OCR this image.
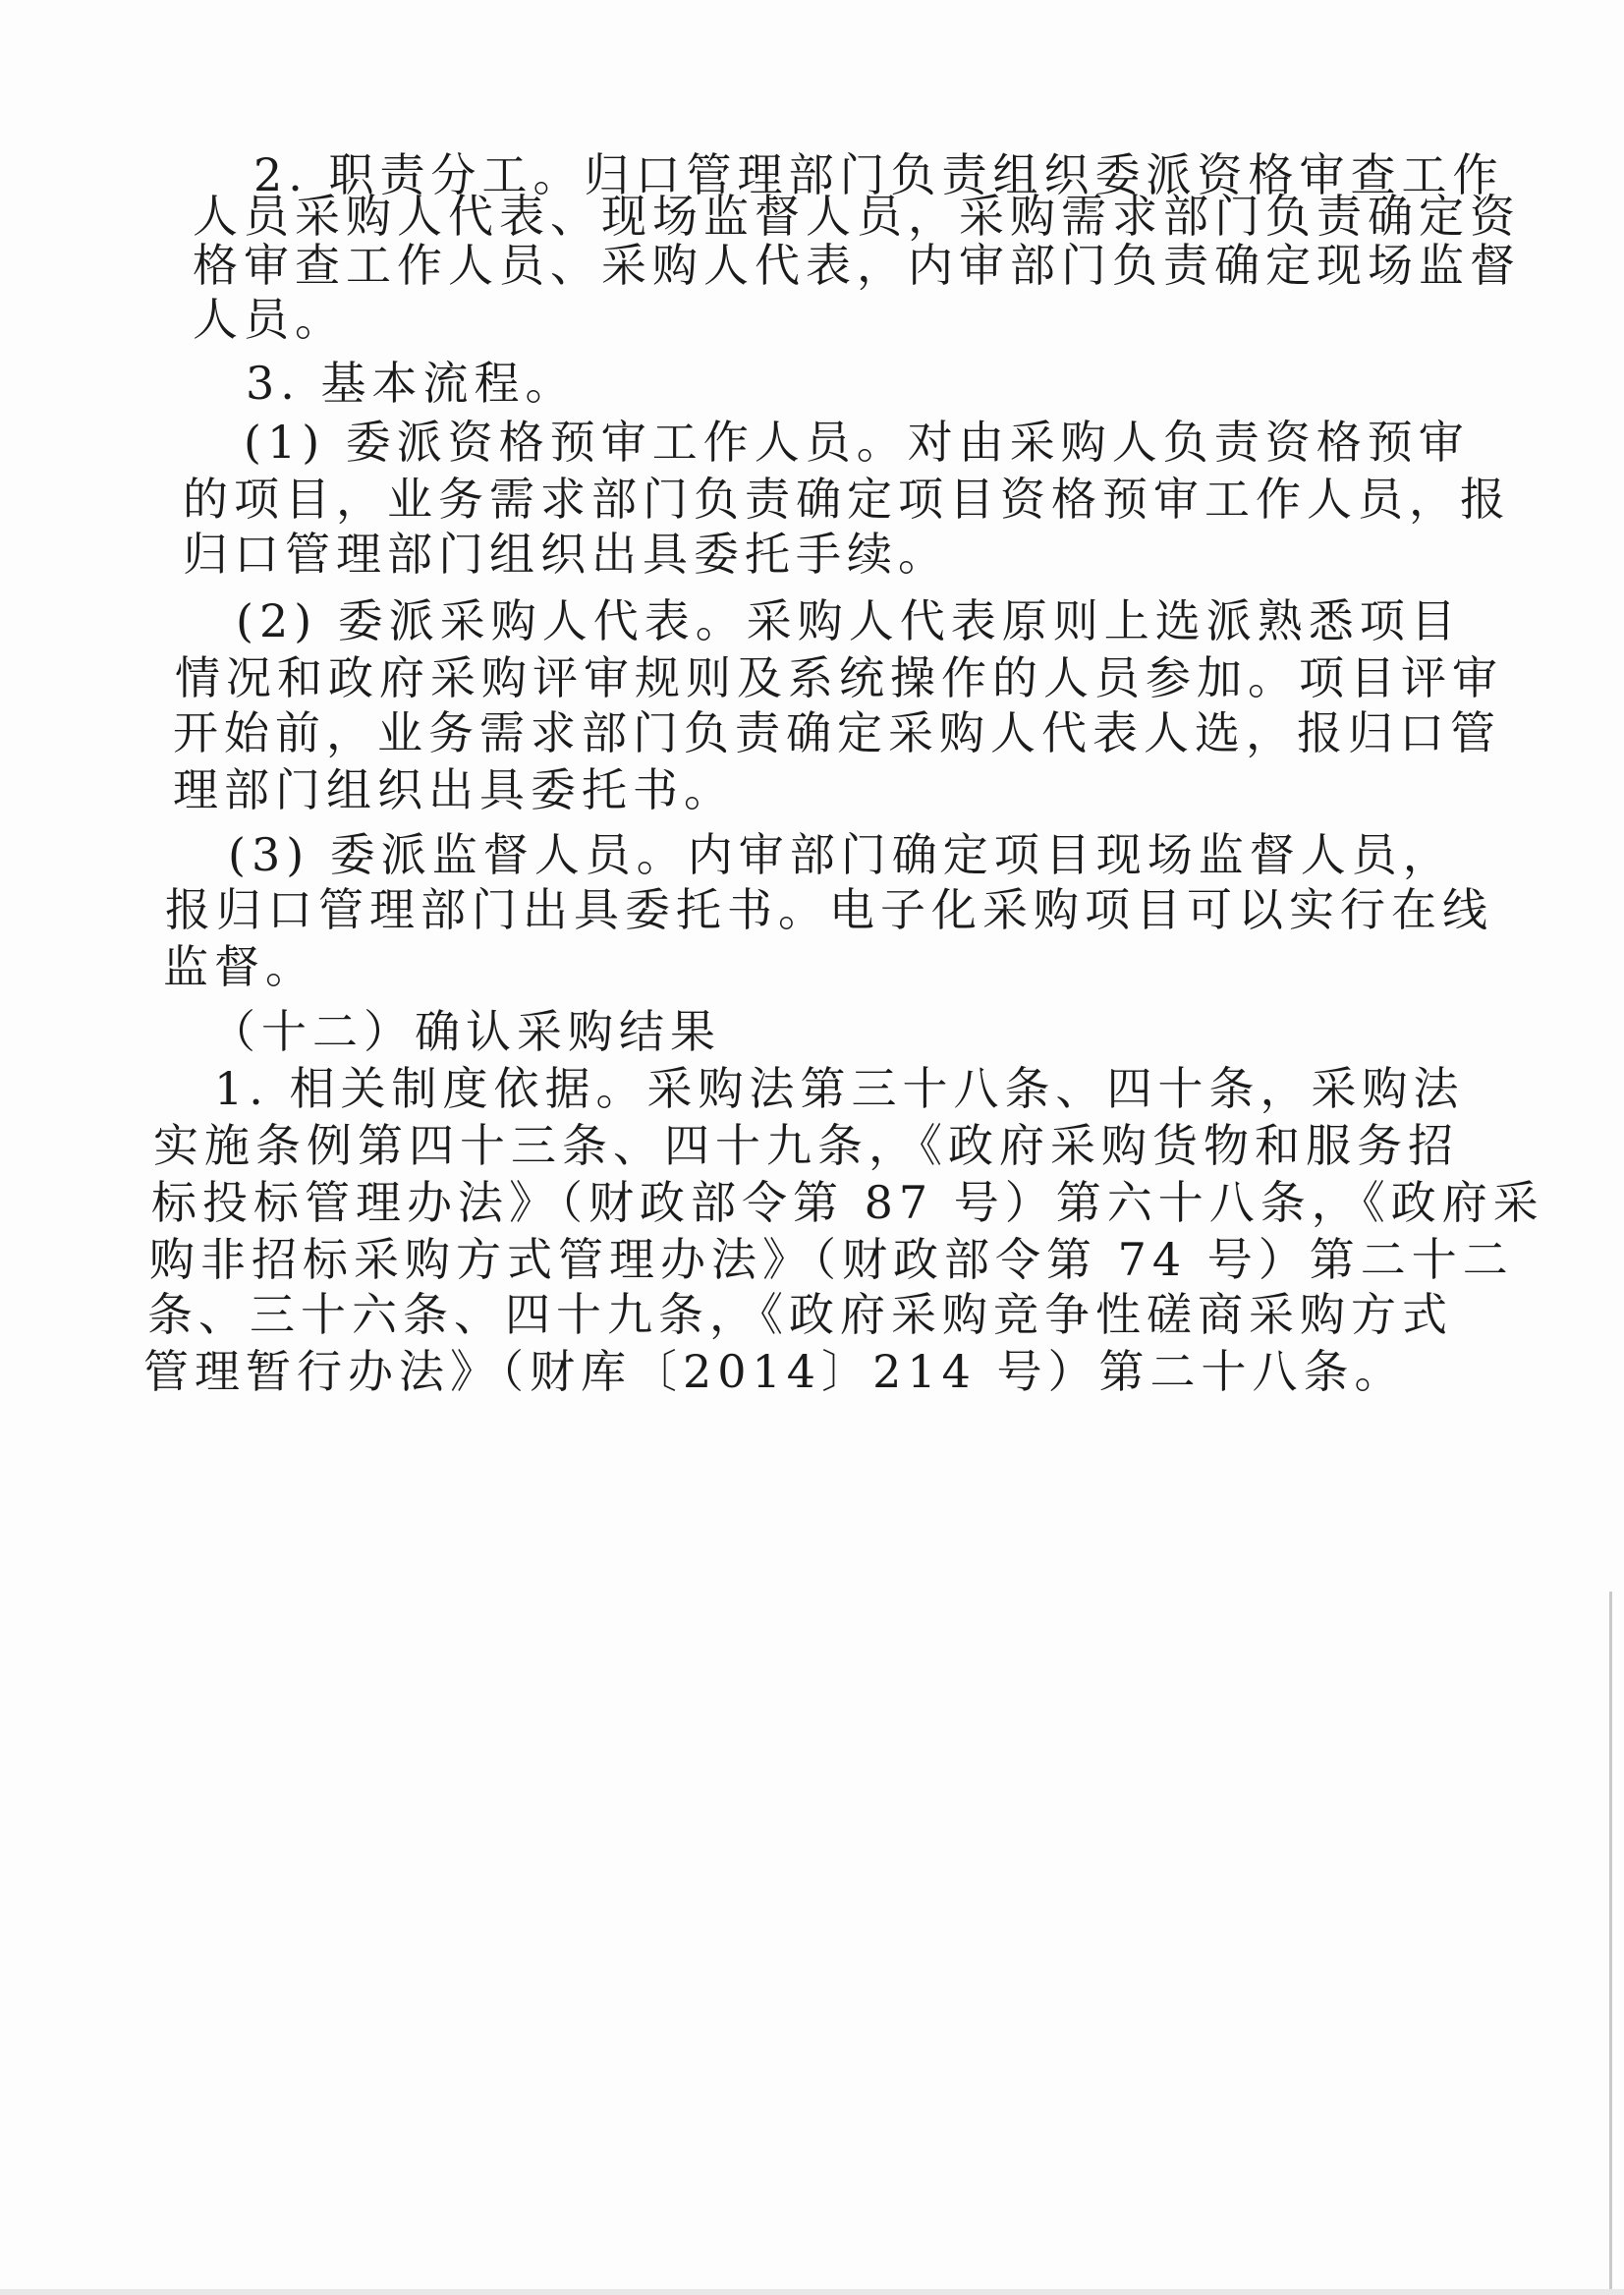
2. 职责分工。归口管理部门负责组织委派资格审查工作
人员采购人代表、现场监督人员，采购需求部门负责确定资
格审查工作人员、采购人代表，内审部门负责确定现场监督
人员。
3. 基本流程。
(1) 委派资格预审工作人员。对由采购人负责资格预审
的项目，业务需求部门负责确定项目资格预审工作人员，报
归口管理部门组织出具委托手续。
(2) 委派采购人代表。采购人代表原则上选派熟悉项目
情况和政府采购评审规则及系统操作的人员参加。项目评审
开始前，业务需求部门负责确定采购人代表人选，报归口管
理部门组织出具委托书。
(3) 委派监督人员。内审部门确定项目现场监督人员，
报归口管理部门出具委托书。电子化采购项目可以实行在线
监督。
（十二）确认采购结果
1. 相关制度依据。采购法第三十八条、四十条，采购法
实施条例第四十三条、四十九条，《政府采购货物和服务招
标投标管理办法》（财政部令第 87 号）第六十八条，《政府采
购非招标采购方式管理办法》（财政部令第 74 号）第二十二
条、三十六条、四十九条，《政府采购竞争性磋商采购方式
管理暂行办法》（财库〔2014〕214 号）第二十八条。
